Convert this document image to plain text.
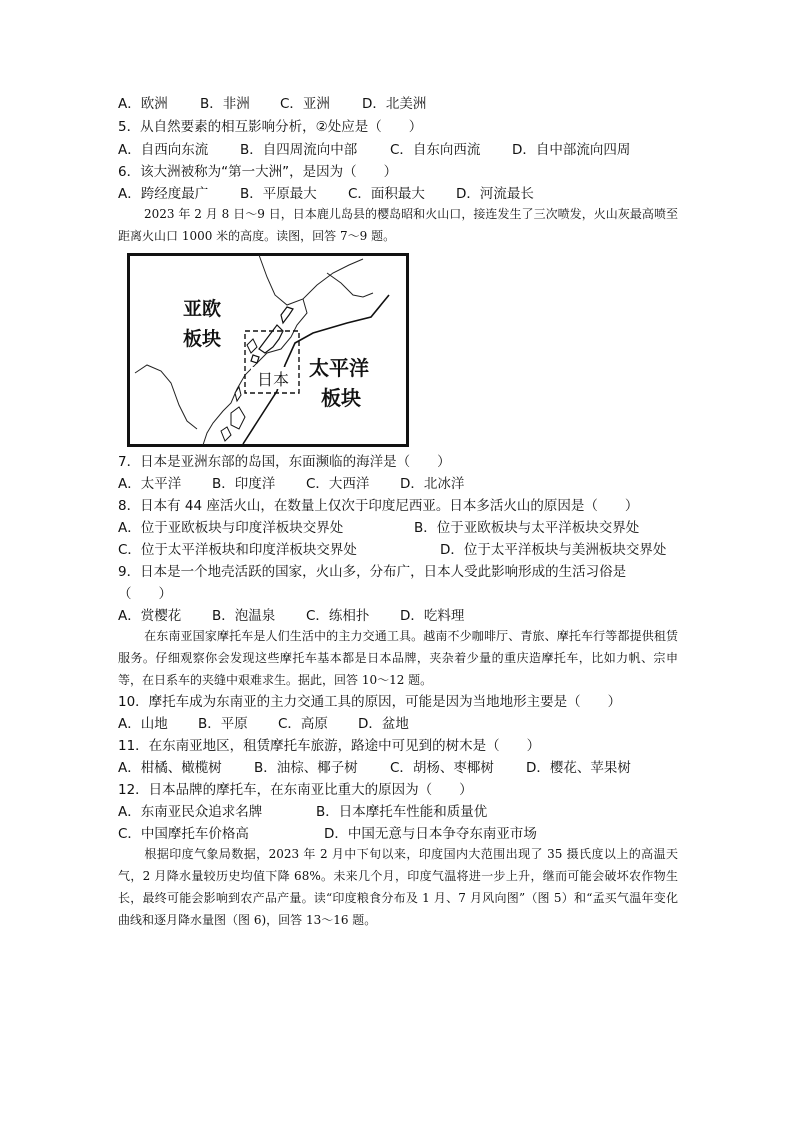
A．欧洲 B．非洲 C．亚洲 D．北美洲
5．从自然要素的相互影响分析，②处应是（　　）
A．自西向东流 B．自四周流向中部 C．自东向西流 D．自中部流向四周
6．该大洲被称为“第一大洲”，是因为（　　）
A．跨经度最广 B．平原最大 C．面积最大 D．河流最长
2023 年 2 月 8 日～9 日，日本鹿儿岛县的樱岛昭和火山口，接连发生了三次喷发，火山灰最高喷至距离火山口 1000 米的高度。读图，回答 7～9 题。
亚欧
板块
日本
太平洋
板块
7．日本是亚洲东部的岛国，东面濒临的海洋是（　　）
A．太平洋 B．印度洋 C．大西洋 D．北冰洋
8．日本有 44 座活火山，在数量上仅次于印度尼西亚。日本多活火山的原因是（　　）
A．位于亚欧板块与印度洋板块交界处	B．位于亚欧板块与太平洋板块交界处
C．位于太平洋板块和印度洋板块交界处	D．位于太平洋板块与美洲板块交界处
9．日本是一个地壳活跃的国家，火山多，分布广，日本人受此影响形成的生活习俗是
（　　）
A．赏樱花 B．泡温泉 C．练相扑 D．吃料理
在东南亚国家摩托车是人们生活中的主力交通工具。越南不少咖啡厅、青旅、摩托车行等都提供租赁服务。仔细观察你会发现这些摩托车基本都是日本品牌，夹杂着少量的重庆造摩托车，比如力帆、宗申等，在日系车的夹缝中艰难求生。据此，回答 10～12 题。
10．摩托车成为东南亚的主力交通工具的原因，可能是因为当地地形主要是（　　）
A．山地 B．平原 C．高原 D．盆地
11．在东南亚地区，租赁摩托车旅游，路途中可见到的树木是（　　）
A．柑橘、橄榄树 B．油棕、椰子树 C．胡杨、枣椰树 D．樱花、苹果树
12．日本品牌的摩托车，在东南亚比重大的原因为（　　）
A．东南亚民众追求名牌	B．日本摩托车性能和质量优
C．中国摩托车价格高	D．中国无意与日本争夺东南亚市场
根据印度气象局数据，2023 年 2 月中下旬以来，印度国内大范围出现了 35 摄氏度以上的高温天气，2 月降水量较历史均值下降 68%。未来几个月，印度气温将进一步上升，继而可能会破坏农作物生长，最终可能会影响到农产品产量。读“印度粮食分布及 1 月、7 月风向图”（图 5）和“孟买气温年变化曲线和逐月降水量图（图 6)，回答 13～16 题。
